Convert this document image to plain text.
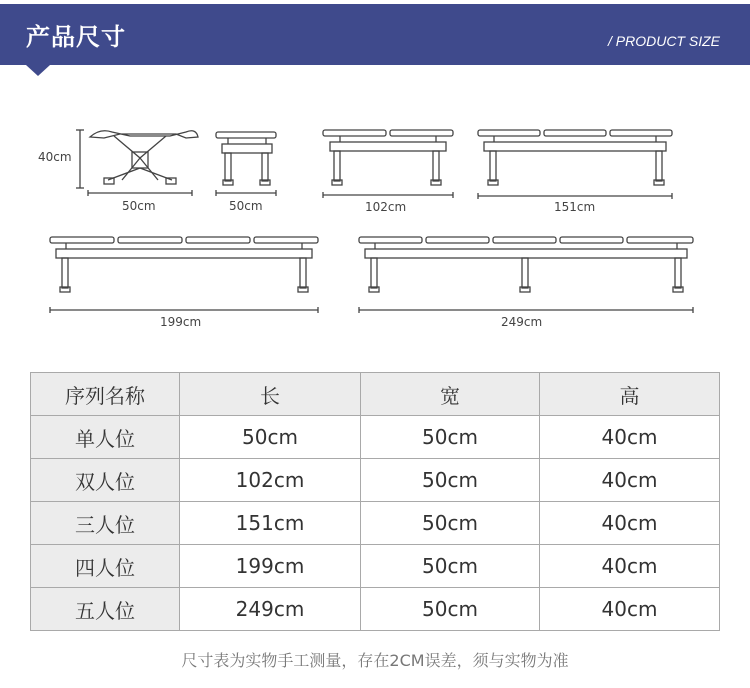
产品尺寸	/ PRODUCT SIZE
40cm
50cm	50cm	102cm	151cm
199cm	249cm
序列名称	长	宽	高
单人位	50cm	50cm	40cm
双人位	102cm	50cm	40cm
三人位	151cm	50cm	40cm
四人位	199cm	50cm	40cm
五人位	249cm	50cm	40cm
尺寸表为实物手工测量，存在2CM误差，须与实物为准
